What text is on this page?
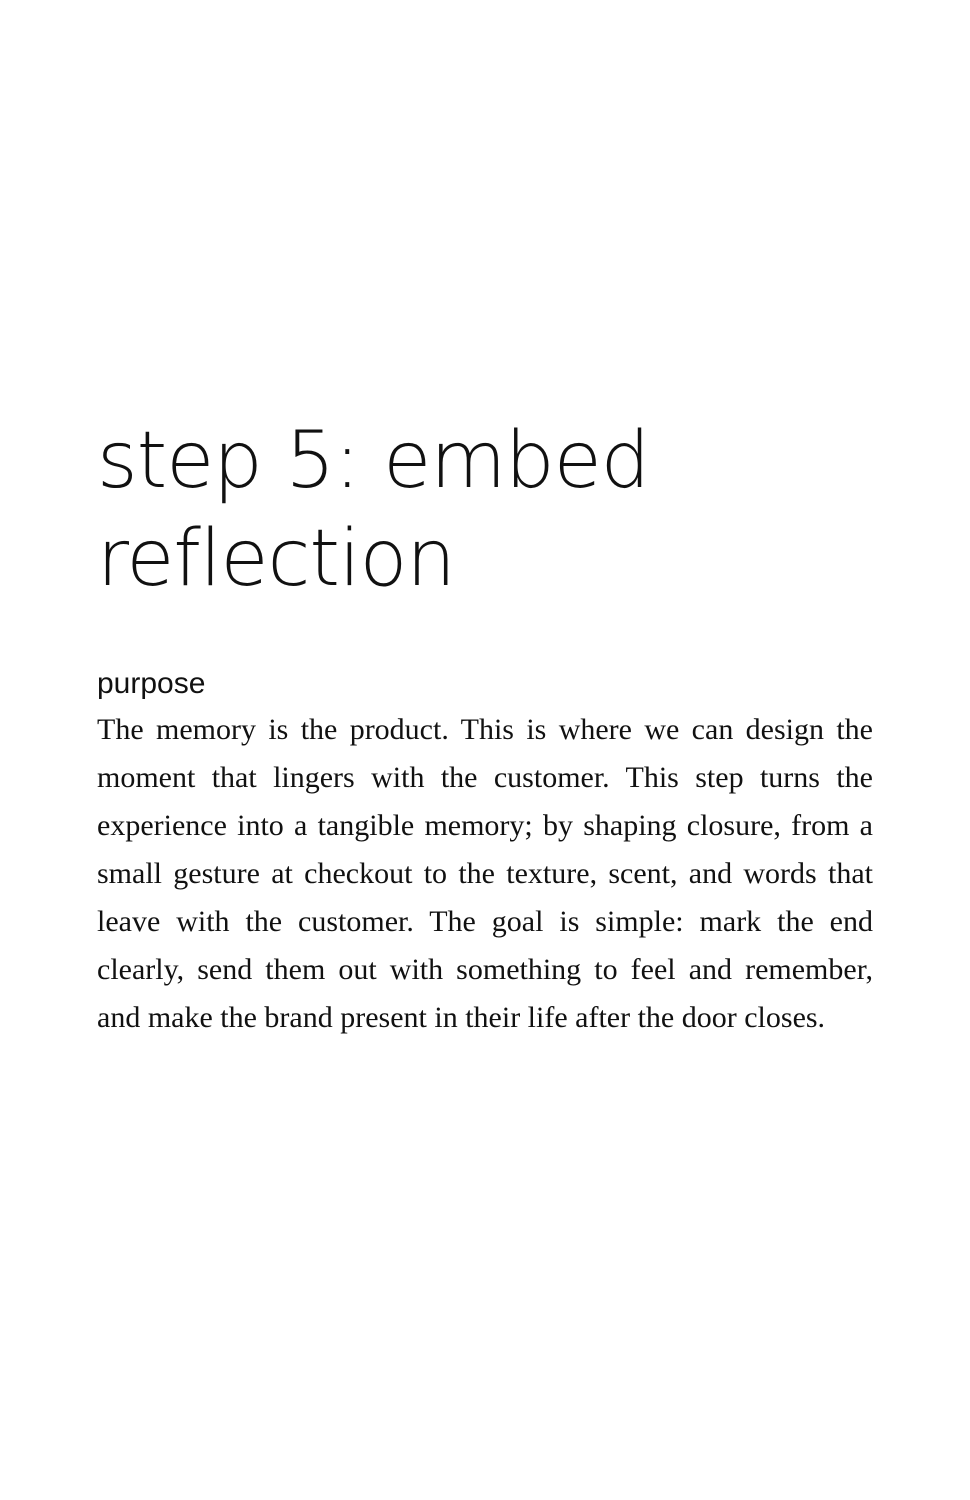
step 5: embed
reflection
purpose

The memory is the product. This is where we can design the moment that lingers with the customer. This step turns the experience into a tangible memory; by shaping closure, from a small gesture at checkout to the texture, scent, and words that leave with the customer. The goal is simple: mark the end clearly, send them out with something to feel and remember, and make the brand present in their life after the door closes.
